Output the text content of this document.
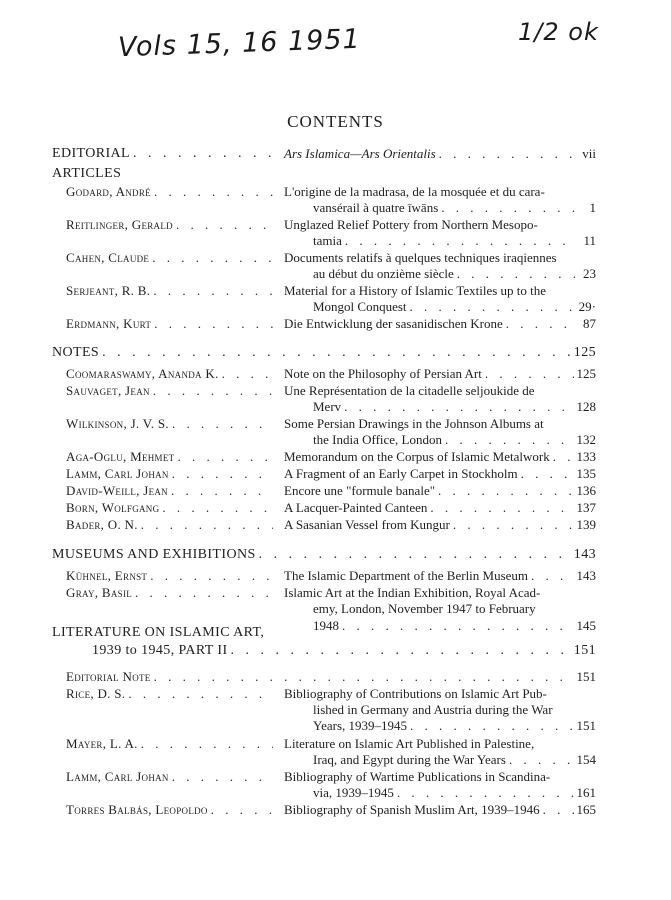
Vols 15, 16 1951	1/2 ok
CONTENTS
EDITORIAL . . .	Ars Islamica—Ars Orientalis . . .	vii
ARTICLES
Godard, André . . .	L'origine de la madrasa, de la mosquée et du cara-
vansérail à quatre īwāns . . .	1
Reitlinger, Gerald . . .	Unglazed Relief Pottery from Northern Mesopo-
tamia . . .	11
Cahen, Claude . . .	Documents relatifs à quelques techniques iraqiennes
au début du onzième siècle . . .	23
Serjeant, R. B. . . .	Material for a History of Islamic Textiles up to the
Mongol Conquest . . .	29·
Erdmann, Kurt . . .	Die Entwicklung der sasanidischen Krone . . .	87
NOTES . . .	125
Coomaraswamy, Ananda K. . . .	Note on the Philosophy of Persian Art . . .	125
Sauvaget, Jean . . .	Une Représentation de la citadelle seljoukide de
Merv . . .	128
Wilkinson, J. V. S. . . .	Some Persian Drawings in the Johnson Albums at
the India Office, London . . .	132
Aga-Oglu, Mehmet . . .	Memorandum on the Corpus of Islamic Metalwork . . . 133
Lamm, Carl Johan . . .	A Fragment of an Early Carpet in Stockholm . . .	135
David-Weill, Jean . . .	Encore une "formule banale" . . .	136
Born, Wolfgang . . .	A Lacquer-Painted Canteen . . .	137
Bader, O. N. . . .	A Sasanian Vessel from Kungur . . .	139
MUSEUMS AND EXHIBITIONS . . .	143
Kühnel, Ernst . . .	The Islamic Department of the Berlin Museum . . .	143
Gray, Basil . . .	Islamic Art at the Indian Exhibition, Royal Acad-
emy, London, November 1947 to February
1948 . . .	145
LITERATURE ON ISLAMIC ART,
1939 to 1945, PART II . . .	151
Editorial Note . . .	151
Rice, D. S. . . .	Bibliography of Contributions on Islamic Art Pub-
lished in Germany and Austria during the War
Years, 1939–1945 . . .	151
Mayer, L. A. . . .	Literature on Islamic Art Published in Palestine,
Iraq, and Egypt during the War Years . . .	154
Lamm, Carl Johan . . .	Bibliography of Wartime Publications in Scandina-
via, 1939–1945 . . .	161
Torres Balbás, Leopoldo . . .	Bibliography of Spanish Muslim Art, 1939–1946 . . .	165
